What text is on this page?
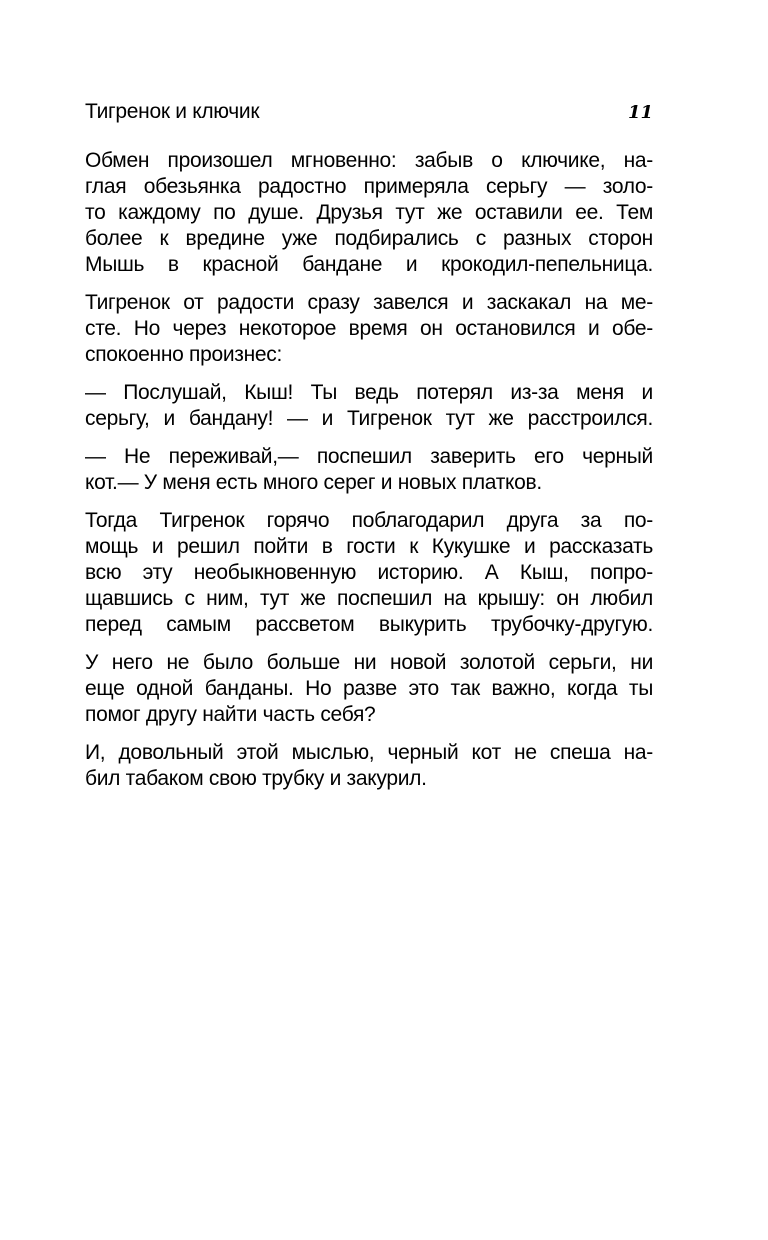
Тигренок и ключик	11
Обмен произошел мгновенно: забыв о ключике, на-
глая обезьянка радостно примеряла серьгу — золо-
то каждому по душе. Друзья тут же оставили ее. Тем
более к вредине уже подбирались с разных сторон
Мышь в красной бандане и крокодил-пепельница.
Тигренок от радости сразу завелся и заскакал на ме-
сте. Но через некоторое время он остановился и обе-
спокоенно произнес:
— Послушай, Кыш! Ты ведь потерял из-за меня и
серьгу, и бандану! — и Тигренок тут же расстроился.
— Не переживай,— поспешил заверить его черный
кот.— У меня есть много серег и новых платков.
Тогда Тигренок горячо поблагодарил друга за по-
мощь и решил пойти в гости к Кукушке и рассказать
всю эту необыкновенную историю. А Кыш, попро-
щавшись с ним, тут же поспешил на крышу: он любил
перед самым рассветом выкурить трубочку-другую.
У него не было больше ни новой золотой серьги, ни
еще одной банданы. Но разве это так важно, когда ты
помог другу найти часть себя?
И, довольный этой мыслью, черный кот не спеша на-
бил табаком свою трубку и закурил.
